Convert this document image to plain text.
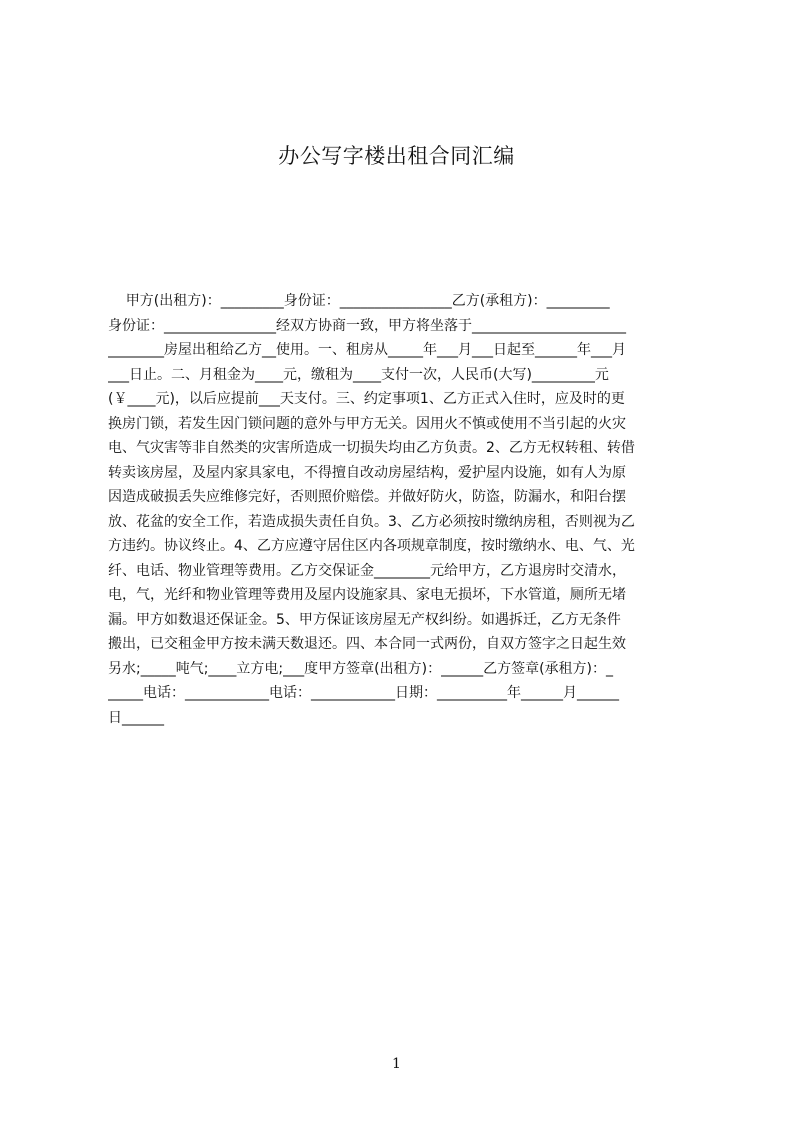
办公写字楼出租合同汇编
甲方(出租方)：_________身份证：________________乙方(承租方)：_________
身份证：________________经双方协商一致，甲方将坐落于______________________
________房屋出租给乙方__使用。一、租房从_____年___月___日起至______年___月
___日止。二、月租金为____元，缴租为____支付一次，人民币(大写)_________元
(￥____元)，以后应提前___天支付。三、约定事项1、乙方正式入住时，应及时的更
换房门锁，若发生因门锁问题的意外与甲方无关。因用火不慎或使用不当引起的火灾
电、气灾害等非自然类的灾害所造成一切损失均由乙方负责。2、乙方无权转租、转借
转卖该房屋，及屋内家具家电，不得擅自改动房屋结构，爱护屋内设施，如有人为原
因造成破损丢失应维修完好，否则照价赔偿。并做好防火，防盗，防漏水，和阳台摆
放、花盆的安全工作，若造成损失责任自负。3、乙方必须按时缴纳房租，否则视为乙
方违约。协议终止。4、乙方应遵守居住区内各项规章制度，按时缴纳水、电、气、光
纤、电话、物业管理等费用。乙方交保证金________元给甲方，乙方退房时交清水，
电，气，光纤和物业管理等费用及屋内设施家具、家电无损坏，下水管道，厕所无堵
漏。甲方如数退还保证金。5、甲方保证该房屋无产权纠纷。如遇拆迁，乙方无条件
搬出，已交租金甲方按未满天数退还。四、本合同一式两份，自双方签字之日起生效
另水;_____吨气;____立方电;___度甲方签章(出租方)：______乙方签章(承租方)：_
_____电话：____________电话：____________日期：__________年______月______
日______
1
